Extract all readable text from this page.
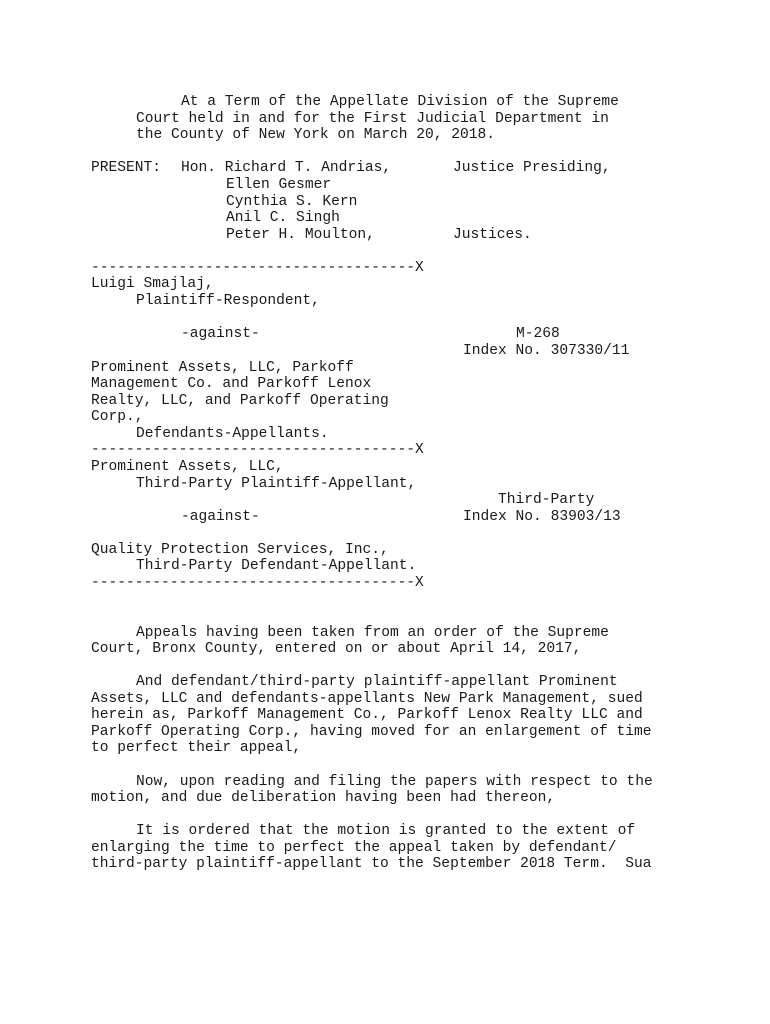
At a Term of the Appellate Division of the Supreme
Court held in and for the First Judicial Department in
the County of New York on March 20, 2018.
PRESENT: Hon. Richard T. Andrias,	Justice Presiding,
Ellen Gesmer
Cynthia S. Kern
Anil C. Singh
Peter H. Moulton,	Justices.
-------------------------------------X
Luigi Smajlaj,
Plaintiff-Respondent,
-against-	M-268
Index No. 307330/11
Prominent Assets, LLC, Parkoff
Management Co. and Parkoff Lenox
Realty, LLC, and Parkoff Operating
Corp.,
Defendants-Appellants.
-------------------------------------X
Prominent Assets, LLC,
Third-Party Plaintiff-Appellant,
Third-Party
-against-	Index No. 83903/13
Quality Protection Services, Inc.,
Third-Party Defendant-Appellant.
-------------------------------------X
Appeals having been taken from an order of the Supreme
Court, Bronx County, entered on or about April 14, 2017,
And defendant/third-party plaintiff-appellant Prominent
Assets, LLC and defendants-appellants New Park Management, sued
herein as, Parkoff Management Co., Parkoff Lenox Realty LLC and
Parkoff Operating Corp., having moved for an enlargement of time
to perfect their appeal,
Now, upon reading and filing the papers with respect to the
motion, and due deliberation having been had thereon,
It is ordered that the motion is granted to the extent of
enlarging the time to perfect the appeal taken by defendant/
third-party plaintiff-appellant to the September 2018 Term.  Sua
